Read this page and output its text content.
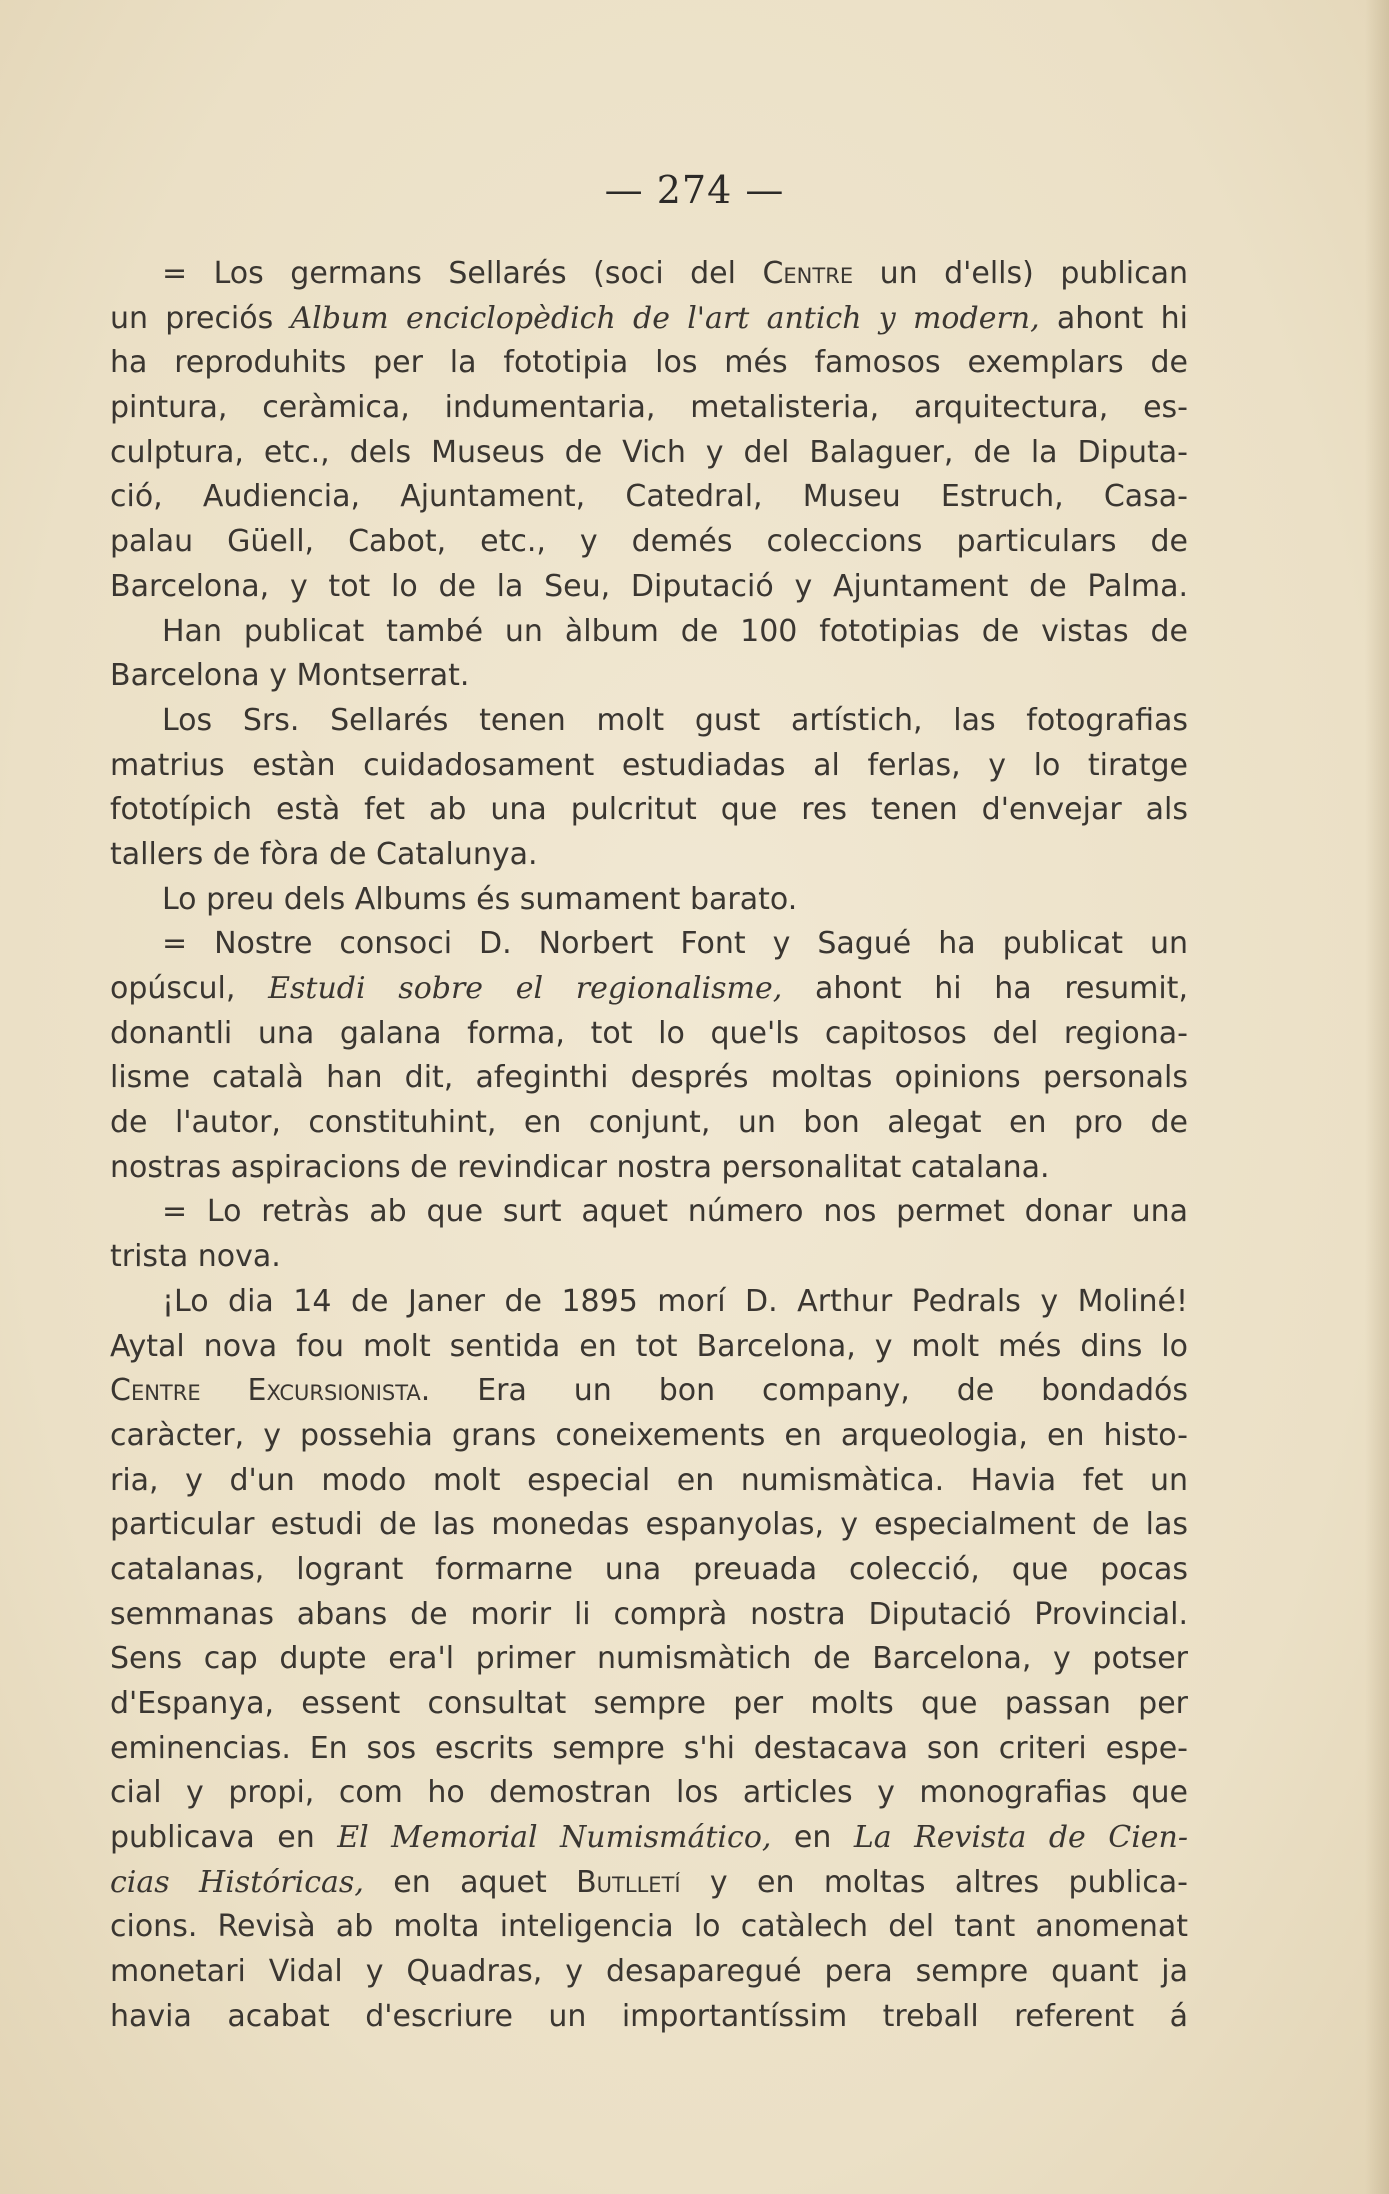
— 274 —
= Los germans Sellarés (soci del Centre un d'ells) publican
un preciós Album enciclopèdich de l'art antich y modern, ahont hi
ha reproduhits per la fototipia los més famosos exemplars de
pintura, ceràmica, indumentaria, metalisteria, arquitectura, es-
culptura, etc., dels Museus de Vich y del Balaguer, de la Diputa-
ció, Audiencia, Ajuntament, Catedral, Museu Estruch, Casa-
palau Güell, Cabot, etc., y demés coleccions particulars de
Barcelona, y tot lo de la Seu, Diputació y Ajuntament de Palma.
Han publicat també un àlbum de 100 fototipias de vistas de
Barcelona y Montserrat.
Los Srs. Sellarés tenen molt gust artístich, las fotografias
matrius estàn cuidadosament estudiadas al ferlas, y lo tiratge
fototípich està fet ab una pulcritut que res tenen d'envejar als
tallers de fòra de Catalunya.
Lo preu dels Albums és sumament barato.
= Nostre consoci D. Norbert Font y Sagué ha publicat un
opúscul, Estudi sobre el regionalisme, ahont hi ha resumit,
donantli una galana forma, tot lo que'ls capitosos del regiona-
lisme català han dit, afeginthi després moltas opinions personals
de l'autor, constituhint, en conjunt, un bon alegat en pro de
nostras aspiracions de revindicar nostra personalitat catalana.
= Lo retràs ab que surt aquet número nos permet donar una
trista nova.
¡Lo dia 14 de Janer de 1895 morí D. Arthur Pedrals y Moliné!
Aytal nova fou molt sentida en tot Barcelona, y molt més dins lo
Centre Excursionista. Era un bon company, de bondadós
caràcter, y possehia grans coneixements en arqueologia, en histo-
ria, y d'un modo molt especial en numismàtica. Havia fet un
particular estudi de las monedas espanyolas, y especialment de las
catalanas, logrant formarne una preuada colecció, que pocas
semmanas abans de morir li comprà nostra Diputació Provincial.
Sens cap dupte era'l primer numismàtich de Barcelona, y potser
d'Espanya, essent consultat sempre per molts que passan per
eminencias. En sos escrits sempre s'hi destacava son criteri espe-
cial y propi, com ho demostran los articles y monografias que
publicava en El Memorial Numismático, en La Revista de Cien-
cias Históricas, en aquet Butlletí y en moltas altres publica-
cions. Revisà ab molta inteligencia lo catàlech del tant anomenat
monetari Vidal y Quadras, y desaparegué pera sempre quant ja
havia acabat d'escriure un importantíssim treball referent á
